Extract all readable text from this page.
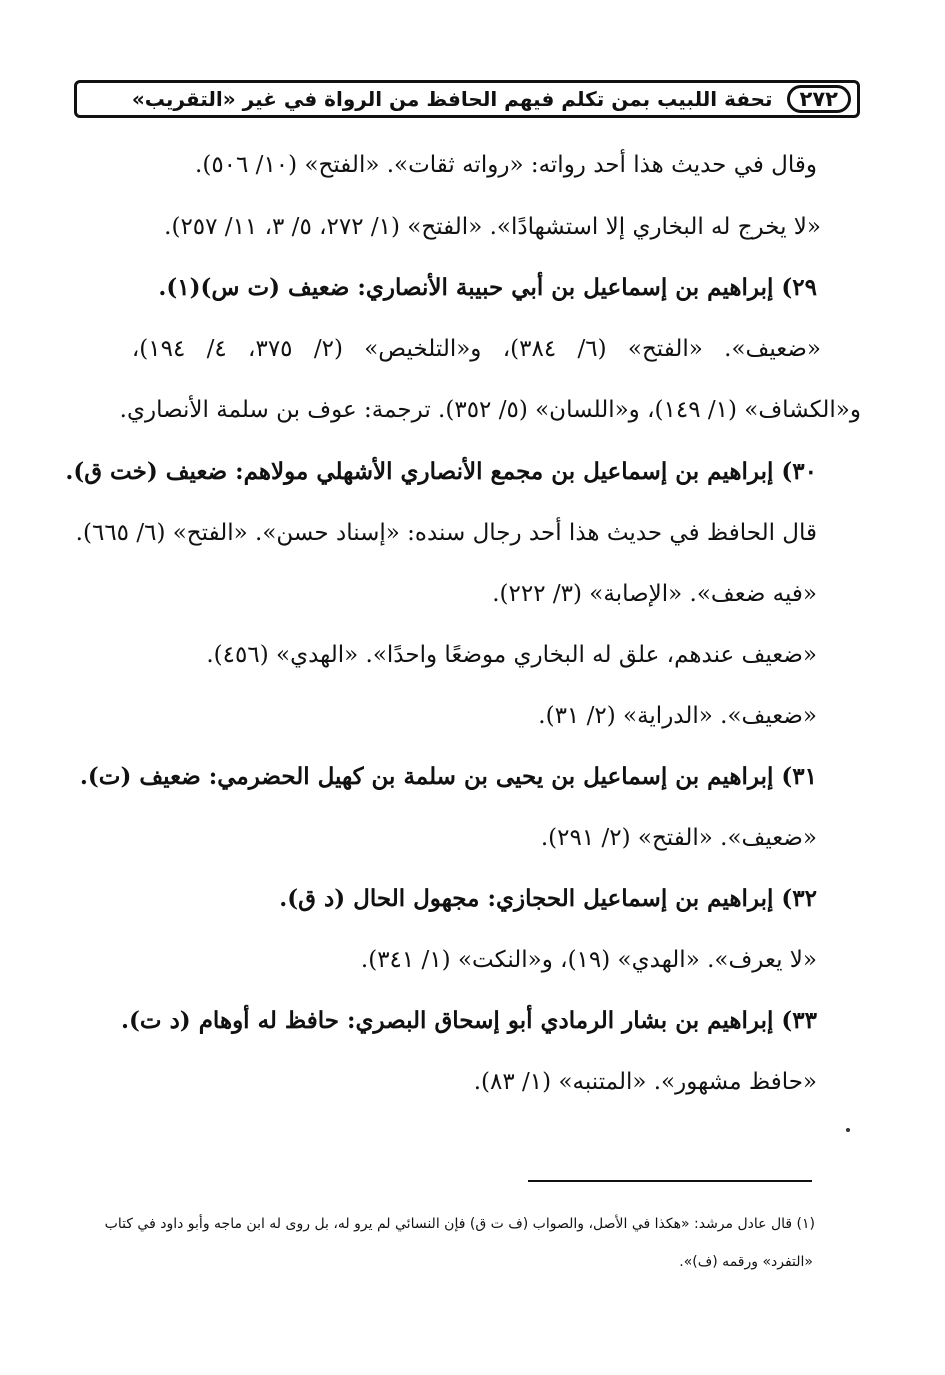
٢٧٢
تحفة اللبيب بمن تكلم فيهم الحافظ من الرواة في غير «التقريب»
وقال في حديث هذا أحد رواته: «رواته ثقات». «الفتح» (١٠/ ٥٠٦).
«لا يخرج له البخاري إلا استشهادًا». «الفتح» (١/ ٢٧٢، ٥/ ٣، ١١/ ٢٥٧).
٢٩) إبراهيم بن إسماعيل بن أبي حبيبة الأنصاري: ضعيف (ت س)(١).
«ضعيف». «الفتح» (٦/ ٣٨٤)، و«التلخيص» (٢/ ٣٧٥، ٤/ ١٩٤)،
و«الكشاف» (١/ ١٤٩)، و«اللسان» (٥/ ٣٥٢). ترجمة: عوف بن سلمة الأنصاري.
٣٠) إبراهيم بن إسماعيل بن مجمع الأنصاري الأشهلي مولاهم: ضعيف (خت ق).
قال الحافظ في حديث هذا أحد رجال سنده: «إسناد حسن». «الفتح» (٦/ ٦٦٥).
«فيه ضعف». «الإصابة» (٣/ ٢٢٢).
«ضعيف عندهم، علق له البخاري موضعًا واحدًا». «الهدي» (٤٥٦).
«ضعيف». «الدراية» (٢/ ٣١).
٣١) إبراهيم بن إسماعيل بن يحيى بن سلمة بن كهيل الحضرمي: ضعيف (ت).
«ضعيف». «الفتح» (٢/ ٢٩١).
٣٢) إبراهيم بن إسماعيل الحجازي: مجهول الحال (د ق).
«لا يعرف». «الهدي» (١٩)، و«النكت» (١/ ٣٤١).
٣٣) إبراهيم بن بشار الرمادي أبو إسحاق البصري: حافظ له أوهام (د ت).
«حافظ مشهور». «المتنبه» (١/ ٨٣).
(١) قال عادل مرشد: «هكذا في الأصل، والصواب (ف ت ق) فإن النسائي لم يرو له، بل روى له ابن ماجه وأبو داود في كتاب
«التفرد» ورقمه (ف)».
